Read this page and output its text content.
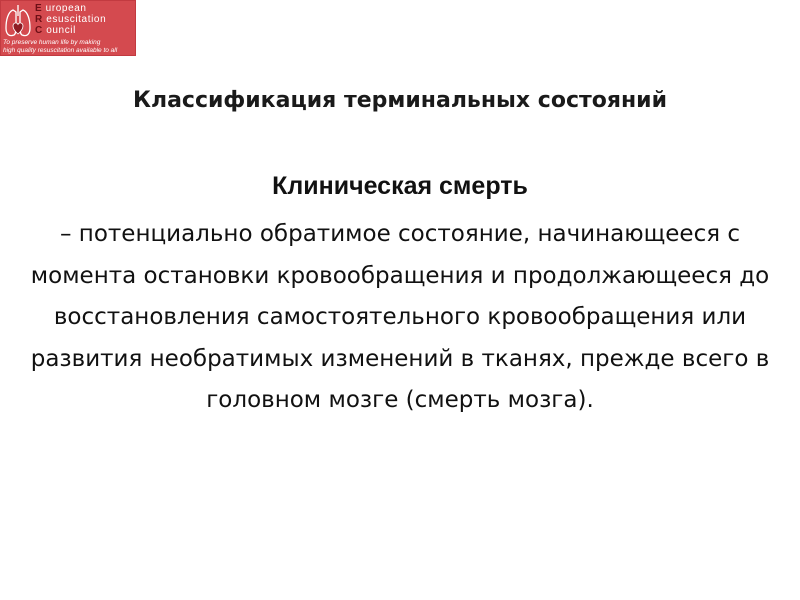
E uropean
R esuscitation
C ouncil
To preserve human life by making
high quality resuscitation available to all
Классификация терминальных состояний
Клиническая смерть
– потенциально обратимое состояние, начинающееся с момента остановки кровообращения и продолжающееся до восстановления самостоятельного кровообращения или развития необратимых изменений в тканях, прежде всего в головном мозге (смерть мозга).
